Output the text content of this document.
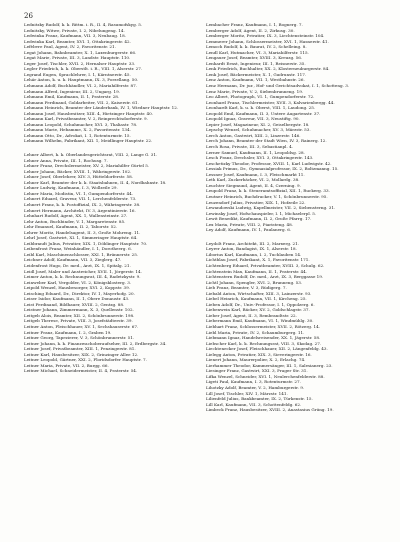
26
Lednitzky Rudolf, k. k. Rittm. i. R., II. 4, Rasumofskyg. 5.
Lednitzky, Witwe, Private, I. 2, Nibelungeng. 14.
Ledwinka Franz, Kaufmann, VII. 3, Neubaug. 18.
Ledwinka Karl, Beamter, XVI. 1, Ottakringerstr. 42.
Lefèbvre Paul, Agent, IV. 2, Favoritenstr. 21.
Legat Johann, Bahnbeamter, X. 1, Laxenburgerstr. 66.
Legat Marie, Private, III. 3, Landstr. Hauptstr. 110.
Leger Josef, Tischler, XVII. 2, Hernalser Hauptstr. 33.
Legler Friedrich, k. k. Oberstlt. i. R., VIII. 1, Alserstr. 27.
Legrand Eugen, Sprachlehrer, I. 1, Kärntnerstr. 45.
Lehár Anton, k. u. k. Hauptmann, IX. 3, Porzellang. 50.
Lehmann Adolf, Buchhändler, VI. 2, Mariahilferstr. 87.
Lehmann Alfred, Ingenieur, III. 2, Ungarg. 19.
Lehmann Emil, Kaufmann, II. 1, Praterstr. 28.
Lehmann Ferdinand, Goldarbeiter, VII. 2, Kaiserstr. 61.
Lehmann Heinrich, Beamter der Länderbank, IV. 1, Wiedner Hauptstr. 12.
Lehmann Josef, Hausbesitzer, XIII. 4, Hietzinger Hauptstr. 40.
Lehmann Karl, Privatbeamter, V. 2, Reinprechtsdorferstr. 9.
Lehmann Leopold, Schuhmacher, XVI. 3, Thaliastr. 78.
Lehmann Marie, Hebamme, X. 2, Favoritenstr. 134.
Lehmann Otto, Dr., Advokat, I. 1, Rotenturmstr. 15.
Lehmann Wilhelm, Fabrikant, XII. 1, Meidlinger Hauptstr. 22.
Lehner Albert, k. k. Oberlandesgerichtsrat, VIII. 2, Lange G. 31.
Lehner Anna, Private, III. 1, Rochusg. 7.
Lehner Franz, Drechslermeister, XV. 2, Mariahilfer Gürtel 5.
Lehner Johann, Bäcker, XVIII. 1, Währingerstr. 102.
Lehner Josef, Oberlehrer, XIV. 3, Hütteldorferstr. 58.
Lehner Karl, Beamter der k. k. Staatsbahnen, II. 4, Nordbahnstr. 18.
Lehner Ludwig, Kaufmann, I. 3, Wollzeile 29.
Lehner Maria, Modistin, VI. 1, Gumpendorferstr. 44.
Lehnert Eduard, Graveur, VII. 1, Lerchenfelderstr. 73.
Lehnert Franz, k. k. Postoffizial, IX. 2, Währingerstr. 38.
Lehnert Hermann, Architekt, IV. 3, Argentinierstr. 16.
Lehnhart Rudolf, Agent, XX. 1, Wallensteinstr. 27.
Lehr Anton, Buchbinder, V. 1, Margaretenstr. 85.
Lehr Emanuel, Kaufmann, II. 2, Taborstr. 52.
Lehrer Moritz, Handelsagent, II. 3, Große Mohreng. 11.
Lehrl Josef, Gastwirt, XI. 1, Simmeringer Hauptstr. 64.
Leibbrandt Julius, Privatier, XIX. 1, Döblinger Hauptstr. 70.
Leibenfrost Franz, Weinhändler, I. 1, Dorotheerg. 6.
Leibl Karl, Maschinenschlosser, XXI. 1, Brünnerstr. 25.
Leichner Adolf, Kaufmann, VII. 3, Zieglerg. 47.
Leidenfrost Hugo, Dr. med., Arzt, IX. 1, Spitalg. 21.
Leidl Josef, Maler und Anstreicher, XVII. 1, Jörgerstr. 14.
Leimer Anton, k. k. Rechnungsrat, III. 4, Radetzkystr. 9.
Leinweber Karl, Vergolder, VI. 2, Königsklosterg. 3.
Leipold Wenzel, Hausbesorger, XVI. 2, Koppstr. 39.
Leisching Eduard, Dr., Direktor, IV. 1, Mayerhofg. 20.
Leiser Isidor, Kaufmann, II. 1, Obere Donaustr. 43.
Leist Ferdinand, Bildhauer, XVIII. 2, Gentzg. 88.
Leistner Johann, Zimmermann, X. 3, Quellenstr. 102.
Leitgeb Alois, Beamter, XII. 2, Schönbrunnerstr. 198.
Leitgeb Therese, Private, VIII. 3, Josefstädterstr. 39.
Leitner Anton, Fleischhauer, XV. 1, Sechshauserstr. 67.
Leitner Franz, Kaufmann, I. 2, Graben 19.
Leitner Georg, Tapezierer, V. 3, Schönbrunnerstr. 51.
Leitner Johann, k. k. Finanzwachoberaufseher, III. 2, Erdbergstr. 34.
Leitner Josef, Privatbeamter, XIII. 1, Penzingerstr. 81.
Leitner Karl, Hausbesitzer, XIX. 2, Grinzinger Allee 12.
Leitner Leopold, Gärtner, XXI. 2, Floridsdorfer Hauptstr. 7.
Leitner Maria, Private, VII. 2, Burgg. 66.
Leitner Michael, Schneidermeister, II. 4, Praterstr. 54.
Lembacher Franz, Kaufmann, I. 1, Bognerg. 7.
Lemberger Adolf, Agent, II. 2, Zirkusg. 30.
Lemberger Moritz, Privatier, IX. 3, Liechtensteinstr. 104.
Lemmerer Johann, Schlossermeister, XVI. 1, Hasnerstr. 41.
Lemoch Rudolf, k. k. Baurat, IV. 2, Schelleing. 8.
Lendl Karl, Hutmacher, VI. 3, Mariahilferstr. 115.
Lengauer Josef, Beamter, XVIII. 3, Kreuzg. 56.
Lenhardt Ernst, Ingenieur, III. 1, Reisnerstr. 35.
Lenk Friedrich, Buchhalter, XX. 2, Klosterneuburgerstr. 84.
Lenk Josef, Bäckermeister, X. 1, Gudrunstr. 117.
Lenz Anton, Kaufmann, VII. 1, Westbahnstr. 26.
Lenz Hermann, Dr. jur., Hof- und Gerichtsadvokat, I. 1, Schotteng. 3.
Lenz Marie, Private, V. 2, Siebenbrunneng. 19.
Leo Albert, Photograph, VI. 1, Gumpendorferstr. 72.
Leonhard Franz, Tischlermeister, XVII. 3, Kalvarienbergg. 44.
Leonhardt Karl, k. u. k. Oberst, VIII. 1, Laudong. 25.
Leopold Emil, Kaufmann, II. 3, Untere Augartenstr. 37.
Leopold Ignaz, Graveur, VII. 3, Neustiftg. 90.
Lepier Josef, Magazineur, XI. 2, Geiselbergstr. 18.
Lepschy Wenzel, Schuhmacher, XV. 3, Märzstr. 53.
Lerch Anton, Gastwirt, XIII. 2, Linzerstr. 146.
Lerch Johann, Beamter der Stadt Wien, IV. 3, Rainerg. 12.
Lerch Rosa, Private, III. 3, Sebastianpl. 4.
Lerner Samuel, Kaufmann, II. 1, Leopoldsg. 28.
Lesch Franz, Drechsler, XVI. 3, Ottakringerstr. 143.
Leschetizky Theodor, Professor, XVIII. 1, Karl Ludwigstr. 42.
Lessiak Primus, Dr., Gymnasialprofessor, IX. 2, Boltzmanng. 15.
Lessner Josef, Kaufmann, I. 3, Fleischmarkt 11.
Leth Karl, Zuckerbäcker, VI. 2, Mollardg. 38.
Leuchter Siegmund, Agent, II. 4, Czerning. 9.
Leupold Franz, k. k. Steueramtsoffizial, XII. 1, Ruckerg. 33.
Leutner Heinrich, Buchdrucker, V. 1, Schönbrunnerstr. 95.
Leuzendorf Julius, Privatier, XIX. 1, Hofzeile 22.
Lewandowski Ludwig, Kapellmeister, VII. 2, Siebensterng. 31.
Lewinsky Josef, Hofschauspieler, I. 1, Michaelerpl. 5.
Lewit Benedikt, Kaufmann, II. 2, Große Pfarrg. 17.
Lex Maria, Private, VIII. 2, Piaristeng. 48.
Ley Adolf, Kaufmann, IV. 1, Paulanerg. 6.
Leydolt Franz, Architekt, III. 2, Marxerg. 21.
Leyrer Anton, Bandagist, IX. 1, Alserstr. 18.
Liborius Karl, Kaufmann, I. 2, Tuchlauben 14.
Lichtblau Josef, Fabrikant, X. 1, Favoritenstr. 171.
Lichtenberg Eduard, Privatbeamter, XVIII. 3, Schulg. 62.
Lichtenstein Max, Kaufmann, II. 1, Praterstr. 44.
Lichtenstern Rudolf, Dr. med., Arzt, IX. 3, Berggasse 19.
Lichtl Johann, Spengler, XVI. 2, Brunneng. 53.
Lieb Franz, Beamter, V. 3, Rüdigerg. 7.
Liebald Anton, Wirtschafter, XIII. 3, Lainzerstr. 93.
Liebel Heinrich, Kaufmann, VII. 1, Kircheng. 25.
Lieben Adolf, Dr., Univ.-Professor, I. 1, Oppolzerg. 6.
Liebenwein Karl, Bäcker, XV. 2, Goldschlagstr. 37.
Lieber Josef, Agent, II. 3, Rembrandtstr. 22.
Liebermann Emil, Kaufmann, VI. 1, Windmühlg. 30.
Liebhart Franz, Schlossermeister, XVII. 2, Rötzerg. 14.
Liebl Maria, Private, IV. 2, Schaumburgerg. 11.
Liebmann Ignaz, Handelsreisender, XX. 1, Jägerstr. 58.
Liebscher Karl, k. k. Rechnungsrat, VIII. 3, Skodag. 27.
Liechtenecker Josef, Fleischhauer, XII. 2, Längenfeldg. 43.
Lielegg Anton, Privatier, XIX. 3, Sieveringerstr. 16.
Lienert Johann, Maurerpolier, X. 2, Erlachg. 74.
Lierhammer Theodor, Kammersänger, III. 1, Salesianerg. 23.
Liesinger Franz, Gastwirt, XXI. 3, Prager Str. 31.
Lifka Wenzel, Schneider, XVI. 1, Neulerchenfelderstr. 88.
Ligeti Paul, Kaufmann, I. 3, Rotenturmstr. 27.
Lihotzky Adolf, Beamter, V. 2, Hamburgerstr. 9.
Lill Josef, Tischler, XIV. 1, Märzstr. 141.
Lilienfeld Julius, Bankbeamter, IX. 2, Türkenstr. 15.
Lill Karl, Kaufmann, VII. 3, Schottenfeldg. 62.
Limbeck Franz, Hausbesitzer, XVIII. 2, Anastasius Grüng. 19.
